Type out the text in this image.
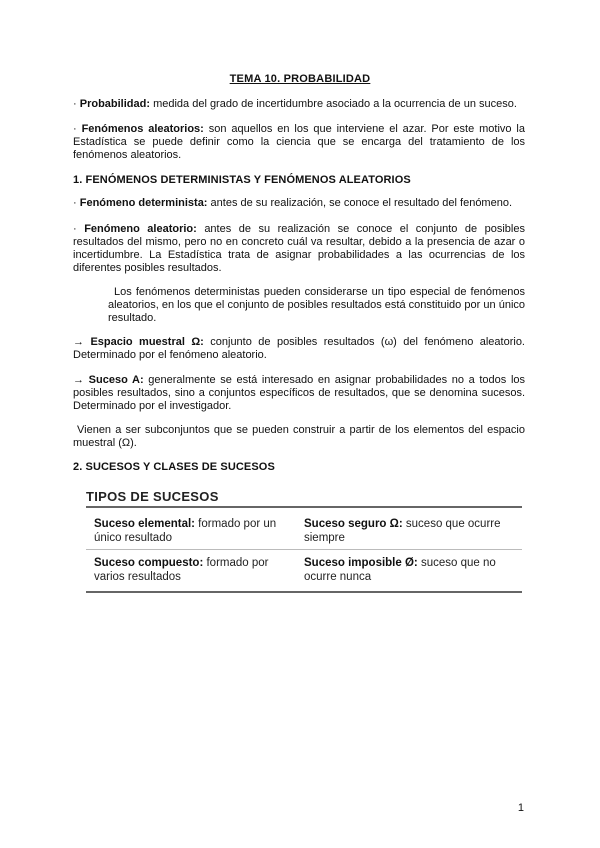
TEMA 10. PROBABILIDAD

· Probabilidad: medida del grado de incertidumbre asociado a la ocurrencia de un suceso.

· Fenómenos aleatorios: son aquellos en los que interviene el azar. Por este motivo la Estadística se puede definir como la ciencia que se encarga del tratamiento de los fenómenos aleatorios.

1. FENÓMENOS DETERMINISTAS Y FENÓMENOS ALEATORIOS

· Fenómeno determinista: antes de su realización, se conoce el resultado del fenómeno.

· Fenómeno aleatorio: antes de su realización se conoce el conjunto de posibles resultados del mismo, pero no en concreto cuál va resultar, debido a la presencia de azar o incertidumbre. La Estadística trata de asignar probabilidades a las ocurrencias de los diferentes posibles resultados.

Los fenómenos deterministas pueden considerarse un tipo especial de fenómenos aleatorios, en los que el conjunto de posibles resultados está constituido por un único resultado.

→ Espacio muestral Ω: conjunto de posibles resultados (ω) del fenómeno aleatorio. Determinado por el fenómeno aleatorio.

→ Suceso A: generalmente se está interesado en asignar probabilidades no a todos los posibles resultados, sino a conjuntos específicos de resultados, que se denomina sucesos. Determinado por el investigador.

Vienen a ser subconjuntos que se pueden construir a partir de los elementos del espacio muestral (Ω).

2. SUCESOS Y CLASES DE SUCESOS
TIPOS DE SUCESOS
Suceso elemental: formado por un único resultado
Suceso seguro Ω: suceso que ocurre siempre
Suceso compuesto: formado por varios resultados
Suceso imposible Ø: suceso que no ocurre nunca
1
